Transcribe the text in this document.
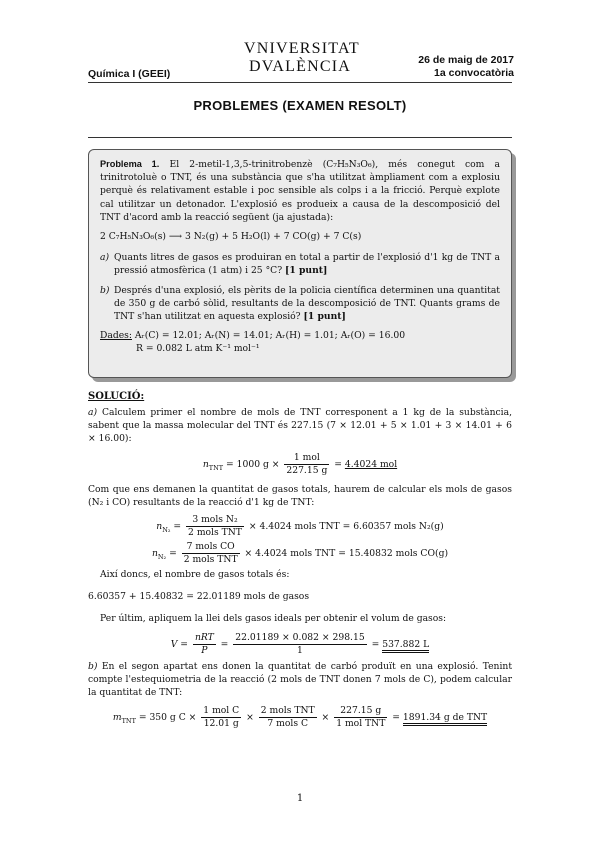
Química I (GEEI)
VNIVERSITAT
DVALÈNCIA	26 de maig de 2017
1a convocatòria
PROBLEMES (EXAMEN RESOLT)

Problema 1. El 2-metil-1,3,5-trinitrobenzè (C₇H₅N₃O₆), més conegut com a trinitrotoluè o TNT, és una substància que s'ha utilitzat àmpliament com a explosiu perquè és relativament estable i poc sensible als colps i a la fricció. Perquè explote cal utilitzar un detonador. L'explosió es produeix a causa de la descomposició del TNT d'acord amb la reacció següent (ja ajustada):

2 C₇H₅N₃O₆(s) ⟶ 3 N₂(g) + 5 H₂O(l) + 7 CO(g) + 7 C(s)

a) Quants litres de gasos es produiran en total a partir de l'explosió d'1 kg de TNT a pressió atmosfèrica (1 atm) i 25 °C? [1 punt]

b) Després d'una explosió, els pèrits de la policia científica determinen una quantitat de 350 g de carbó sòlid, resultants de la descomposició de TNT. Quants grams de TNT s'han utilitzat en aquesta explosió? [1 punt]

Dades: Aᵣ(C) = 12.01; Aᵣ(N) = 14.01; Aᵣ(H) = 1.01; Aᵣ(O) = 16.00

R = 0.082 L atm K⁻¹ mol⁻¹

SOLUCIÓ:

a) Calculem primer el nombre de mols de TNT corresponent a 1 kg de la substància, sabent que la massa molecular del TNT és 227.15 (7 × 12.01 + 5 × 1.01 + 3 × 14.01 + 6 × 16.00):

$n_{TNT} = 1000$ $g \times \frac{\text{1 mol}}{227.15 g} = 4.4024$ mol

Com que ens demanen la quantitat de gasos totals, haurem de calcular els mols de gasos (N₂ i CO) resultants de la reacció d'1 kg de TNT:

$n_{N_2} = \frac{\text{3 mols N₂}}{\text{2 mols TNT}} \times 4.4024$ mols TNT = 6.60357 mols N₂(g)
$n_{N_2} = \frac{\text{7 mols CO}}{\text{2 mols TNT}} \times 4.4024$ mols TNT = 15.40832 mols CO(g)

Així doncs, el nombre de gasos totals és:

6.60357 + 15.40832 = 22.01189 mols de gasos

Per últim, apliquem la llei dels gasos ideals per obtenir el volum de gasos:

$V = \frac{\text{nRT}}{P} = \frac{22.01189 \times 0.082 \times 298.15}{1} = 537.882$ L

b) En el segon apartat ens donen la quantitat de carbó produït en una explosió. Tenint compte l'estequiometria de la reacció (2 mols de TNT donen 7 mols de C), podem calcular la quantitat de TNT:

$m_{TNT} = 350$ g $C \times \frac{\text{1 mol C}}{12.01 g} \times \frac{\text{2 mols TNT}}{\text{7 mols C}} \times \frac{227.15 g}{\text{1 mol TNT}} = 1891.34$ g de TNT
1
